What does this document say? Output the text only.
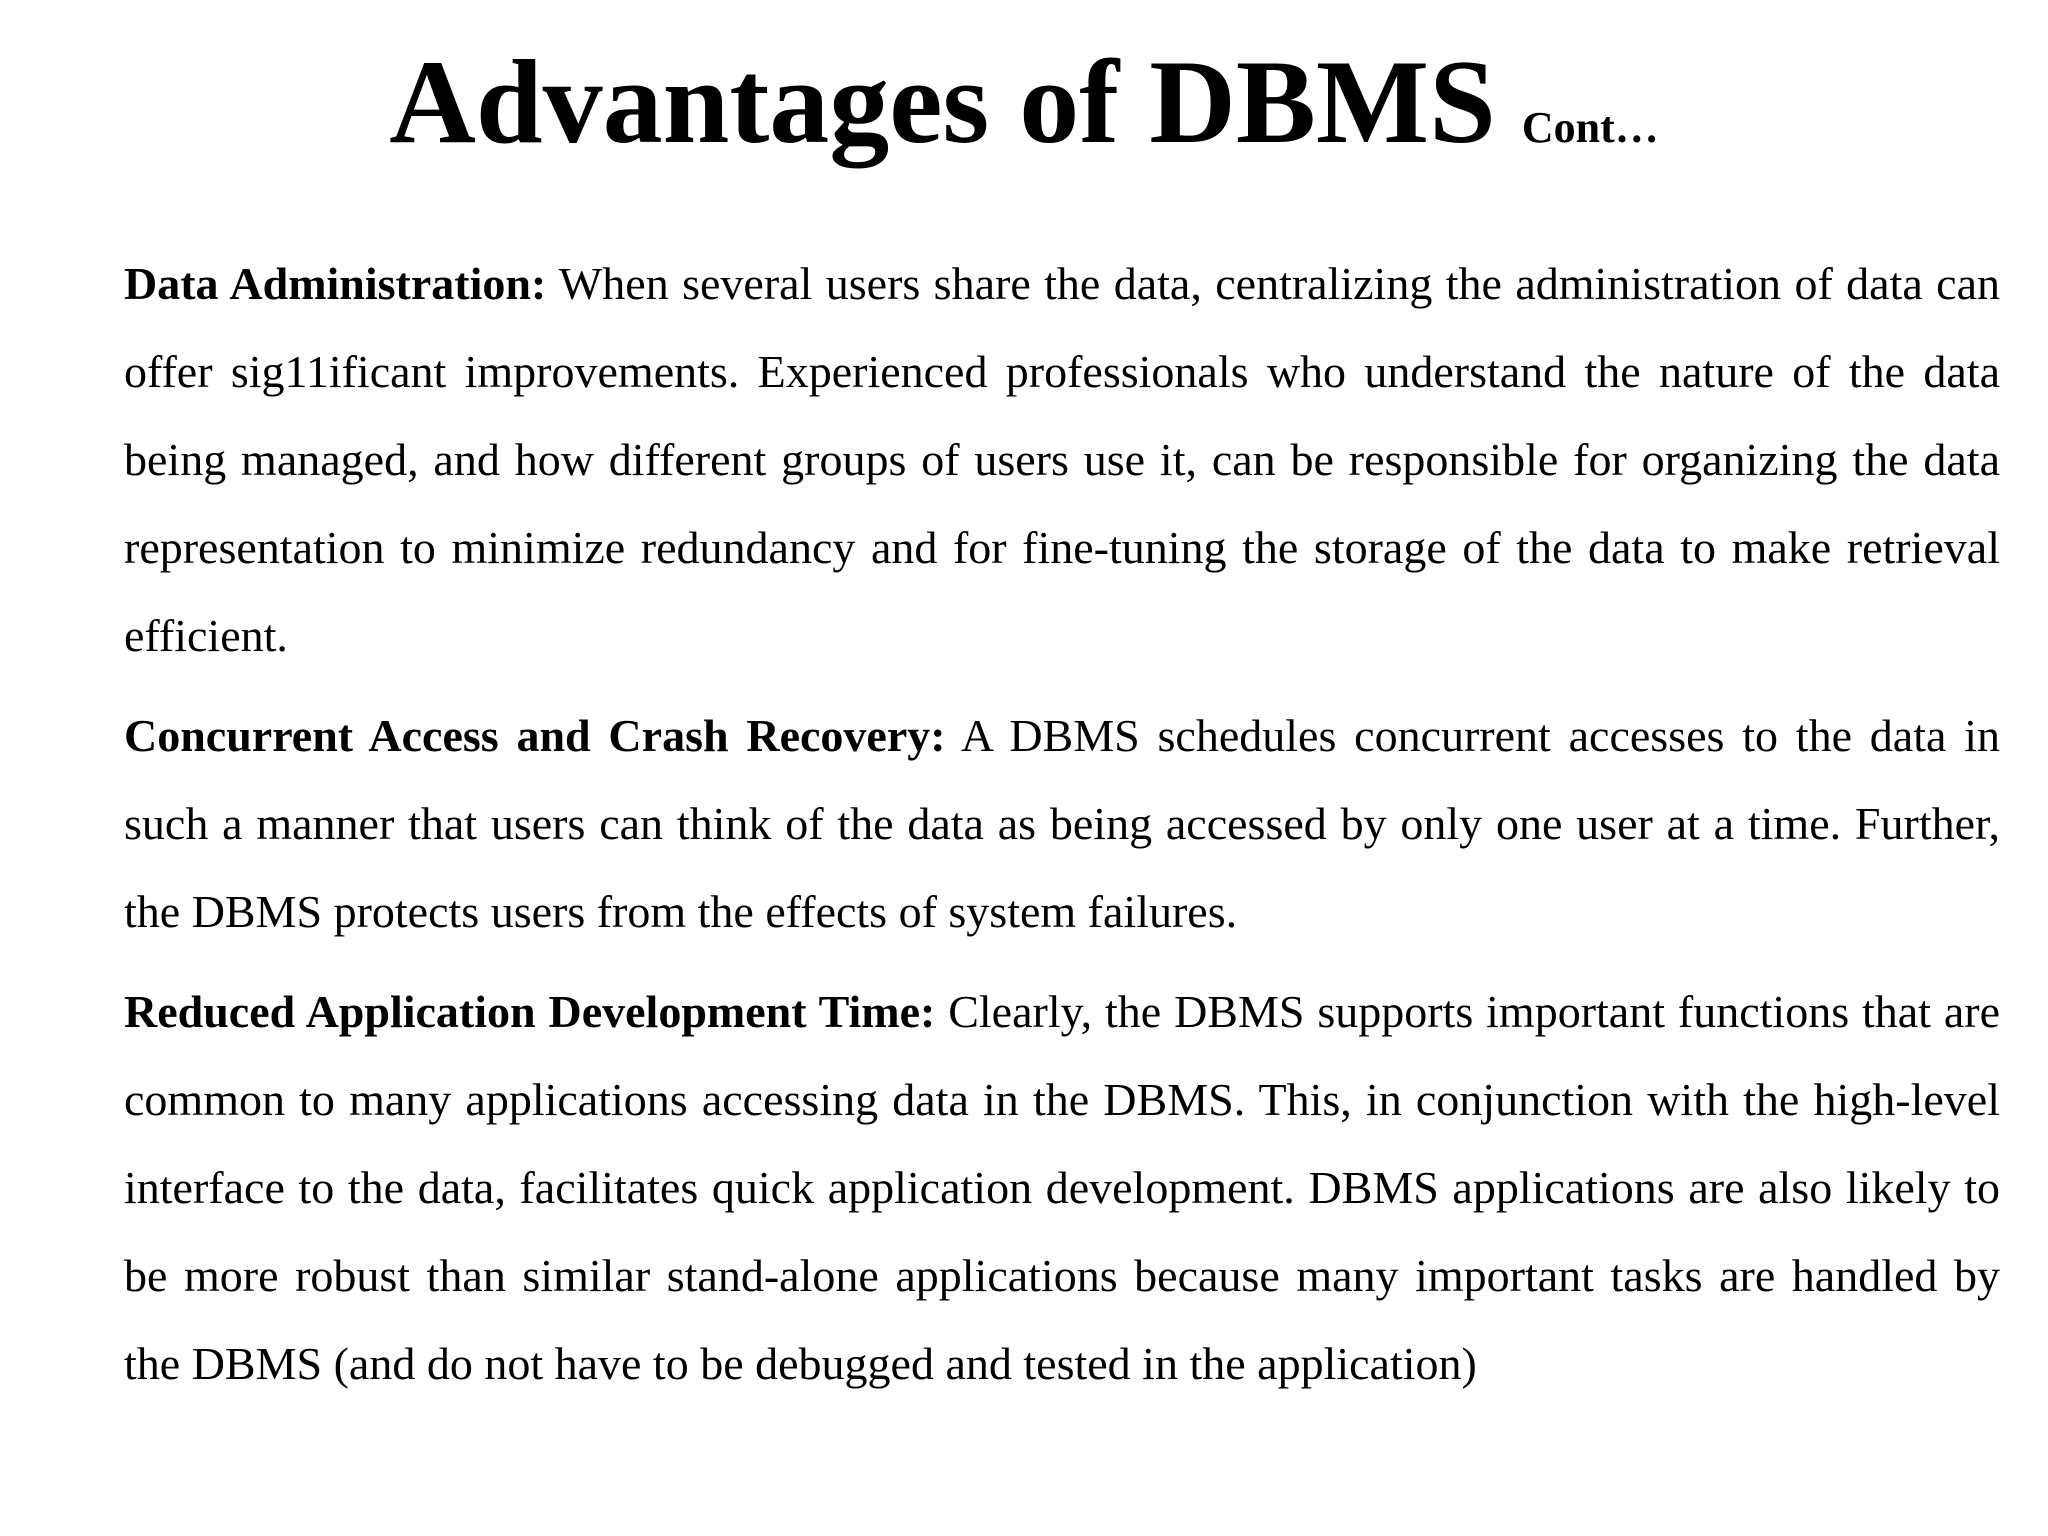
Advantages of DBMS Cont…

Data Administration: When several users share the data, centralizing the administration of data can offer sig11ificant improvements. Experienced professionals who understand the nature of the data being managed, and how different groups of users use it, can be responsible for organizing the data representation to minimize redundancy and for fine-tuning the storage of the data to make retrieval efficient.

Concurrent Access and Crash Recovery: A DBMS schedules concurrent accesses to the data in such a manner that users can think of the data as being accessed by only one user at a time. Further, the DBMS protects users from the effects of system failures.

Reduced Application Development Time: Clearly, the DBMS supports important functions that are common to many applications accessing data in the DBMS. This, in conjunction with the high-level interface to the data, facilitates quick application development. DBMS applications are also likely to be more robust than similar stand-alone applications because many important tasks are handled by the DBMS (and do not have to be debugged and tested in the application)
